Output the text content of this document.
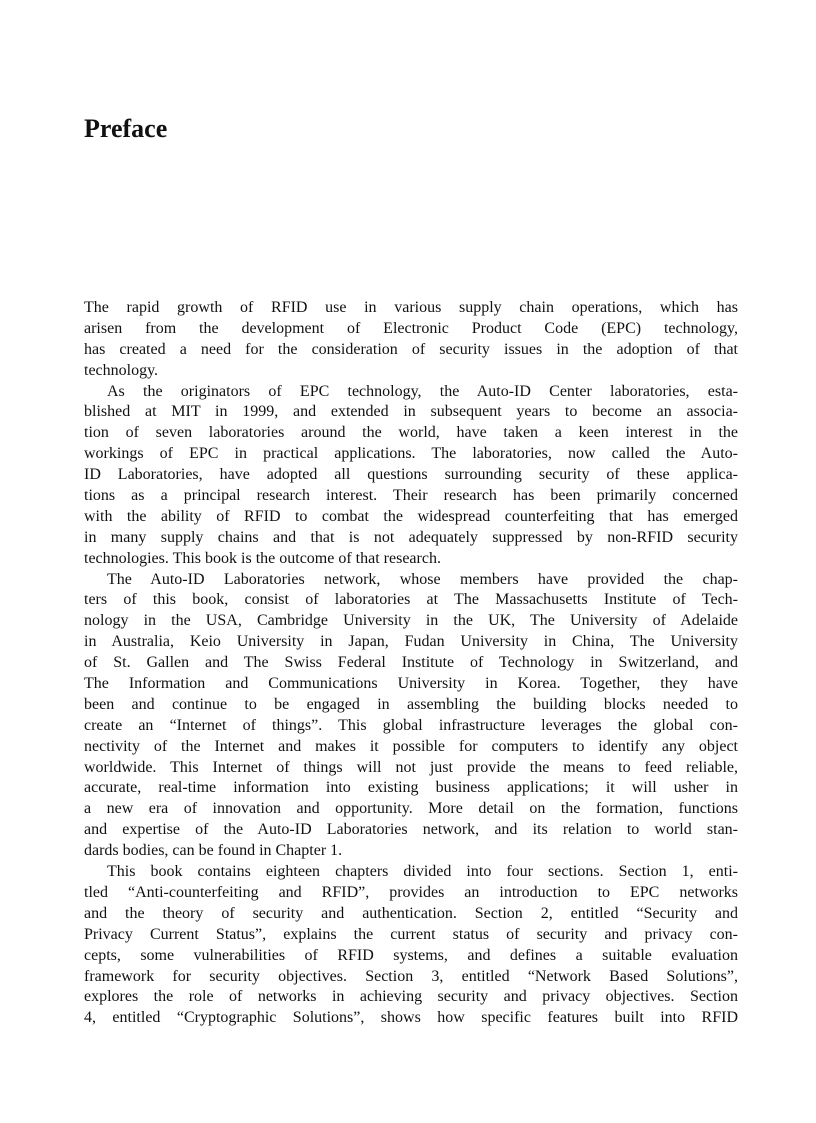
Preface
The rapid growth of RFID use in various supply chain operations, which has
arisen from the development of Electronic Product Code (EPC) technology,
has created a need for the consideration of security issues in the adoption of that
technology.
As the originators of EPC technology, the Auto-ID Center laboratories, esta-
blished at MIT in 1999, and extended in subsequent years to become an associa-
tion of seven laboratories around the world, have taken a keen interest in the
workings of EPC in practical applications. The laboratories, now called the Auto-
ID Laboratories, have adopted all questions surrounding security of these applica-
tions as a principal research interest. Their research has been primarily concerned
with the ability of RFID to combat the widespread counterfeiting that has emerged
in many supply chains and that is not adequately suppressed by non-RFID security
technologies. This book is the outcome of that research.
The Auto-ID Laboratories network, whose members have provided the chap-
ters of this book, consist of laboratories at The Massachusetts Institute of Tech-
nology in the USA, Cambridge University in the UK, The University of Adelaide
in Australia, Keio University in Japan, Fudan University in China, The University
of St. Gallen and The Swiss Federal Institute of Technology in Switzerland, and
The Information and Communications University in Korea. Together, they have
been and continue to be engaged in assembling the building blocks needed to
create an “Internet of things”. This global infrastructure leverages the global con-
nectivity of the Internet and makes it possible for computers to identify any object
worldwide. This Internet of things will not just provide the means to feed reliable,
accurate, real-time information into existing business applications; it will usher in
a new era of innovation and opportunity. More detail on the formation, functions
and expertise of the Auto-ID Laboratories network, and its relation to world stan-
dards bodies, can be found in Chapter 1.
This book contains eighteen chapters divided into four sections. Section 1, enti-
tled “Anti-counterfeiting and RFID”, provides an introduction to EPC networks
and the theory of security and authentication. Section 2, entitled “Security and
Privacy Current Status”, explains the current status of security and privacy con-
cepts, some vulnerabilities of RFID systems, and defines a suitable evaluation
framework for security objectives. Section 3, entitled “Network Based Solutions”,
explores the role of networks in achieving security and privacy objectives. Section
4, entitled “Cryptographic Solutions”, shows how specific features built into RFID
